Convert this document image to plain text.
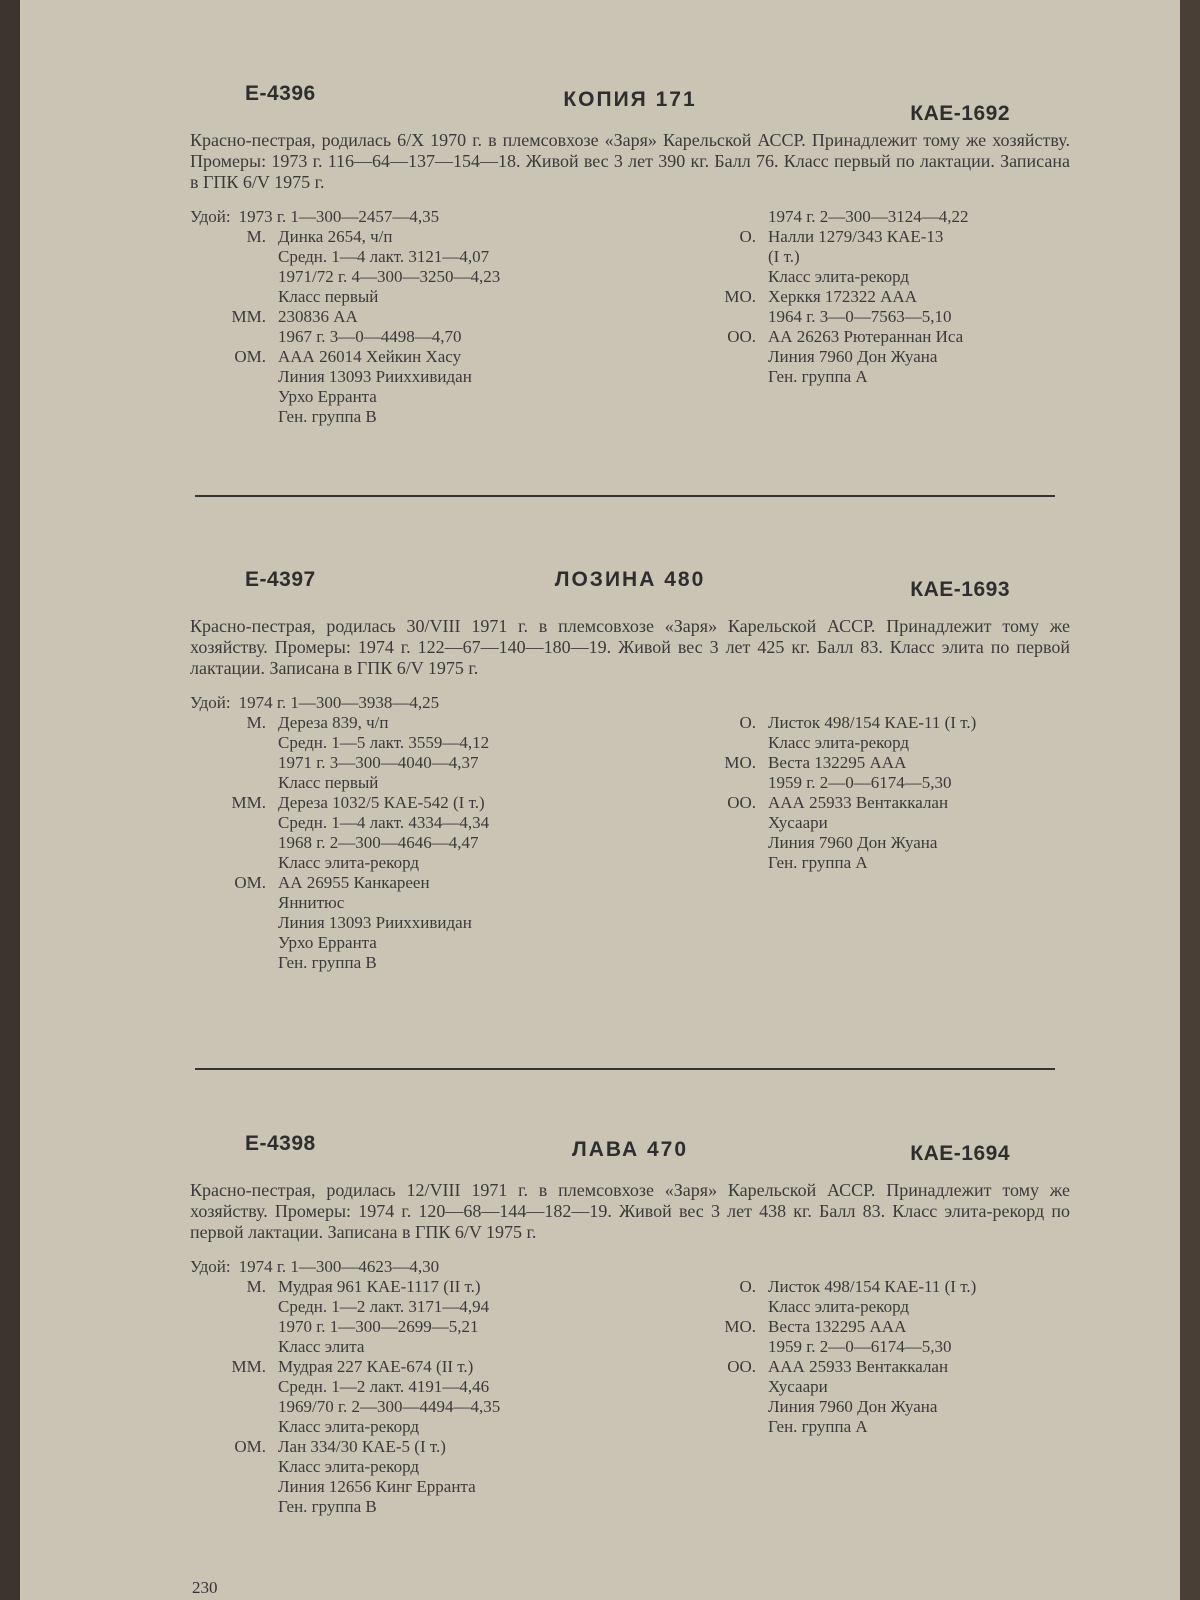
Е-4396	КОПИЯ 171
КАЕ-1692
Красно-пестрая, родилась 6/X 1970 г. в племсовхозе «Заря» Карельской АССР. Принадлежит тому же хозяйству. Промеры: 1973 г. 116—64—137—154—18. Живой вес 3 лет 390 кг. Балл 76. Класс первый по лактации. Записана в ГПК 6/V 1975 г.
Удой: 1973 г. 1—300—2457—4,35
М. Динка 2654, ч/п
Средн. 1—4 лакт. 3121—4,07
1971/72 г. 4—300—3250—4,23
Класс первый
ММ. 230836 АА
1967 г. 3—0—4498—4,70
ОМ. ААА 26014 Хейкин Хасу
Линия 13093 Рииххивидан
Урхо Ерранта
Ген. группа В
1974 г. 2—300—3124—4,22
О. Налли 1279/343 КАЕ-13
(I т.)
Класс элита-рекорд
МО. Херккя 172322 ААА
1964 г. 3—0—7563—5,10
ОО. АА 26263 Рютераннан Иса
Линия 7960 Дон Жуана
Ген. группа А
Е-4397	ЛОЗИНА 480	КАЕ-1693
Красно-пестрая, родилась 30/VIII 1971 г. в племсовхозе «Заря» Карельской АССР. Принадлежит тому же хозяйству. Промеры: 1974 г. 122—67—140—180—19. Живой вес 3 лет 425 кг. Балл 83. Класс элита по первой лактации. Записана в ГПК 6/V 1975 г.
Удой: 1974 г. 1—300—3938—4,25
М. Дереза 839, ч/п
Средн. 1—5 лакт. 3559—4,12
1971 г. 3—300—4040—4,37
Класс первый
ММ. Дереза 1032/5 КАЕ-542 (I т.)
Средн. 1—4 лакт. 4334—4,34
1968 г. 2—300—4646—4,47
Класс элита-рекорд
ОМ. АА 26955 Канкареен
Яннитюс
Линия 13093 Рииххивидан
Урхо Ерранта
Ген. группа В
О. Листок 498/154 КАЕ-11 (I т.)
Класс элита-рекорд
МО. Веста 132295 ААА
1959 г. 2—0—6174—5,30
ОО. ААА 25933 Вентаккалан
Хусаари
Линия 7960 Дон Жуана
Ген. группа А
Е-4398	ЛАВА 470	КАЕ-1694
Красно-пестрая, родилась 12/VIII 1971 г. в племсовхозе «Заря» Карельской АССР. Принадлежит тому же хозяйству. Промеры: 1974 г. 120—68—144—182—19. Живой вес 3 лет 438 кг. Балл 83. Класс элита-рекорд по первой лактации. Записана в ГПК 6/V 1975 г.
Удой: 1974 г. 1—300—4623—4,30
М. Мудрая 961 КАЕ-1117 (II т.)
Средн. 1—2 лакт. 3171—4,94
1970 г. 1—300—2699—5,21
Класс элита
ММ. Мудрая 227 КАЕ-674 (II т.)
Средн. 1—2 лакт. 4191—4,46
1969/70 г. 2—300—4494—4,35
Класс элита-рекорд
ОМ. Лан 334/30 КАЕ-5 (I т.)
Класс элита-рекорд
Линия 12656 Кинг Ерранта
Ген. группа В
О. Листок 498/154 КАЕ-11 (I т.)
Класс элита-рекорд
МО. Веста 132295 ААА
1959 г. 2—0—6174—5,30
ОО. ААА 25933 Вентаккалан
Хусаари
Линия 7960 Дон Жуана
Ген. группа А
230
